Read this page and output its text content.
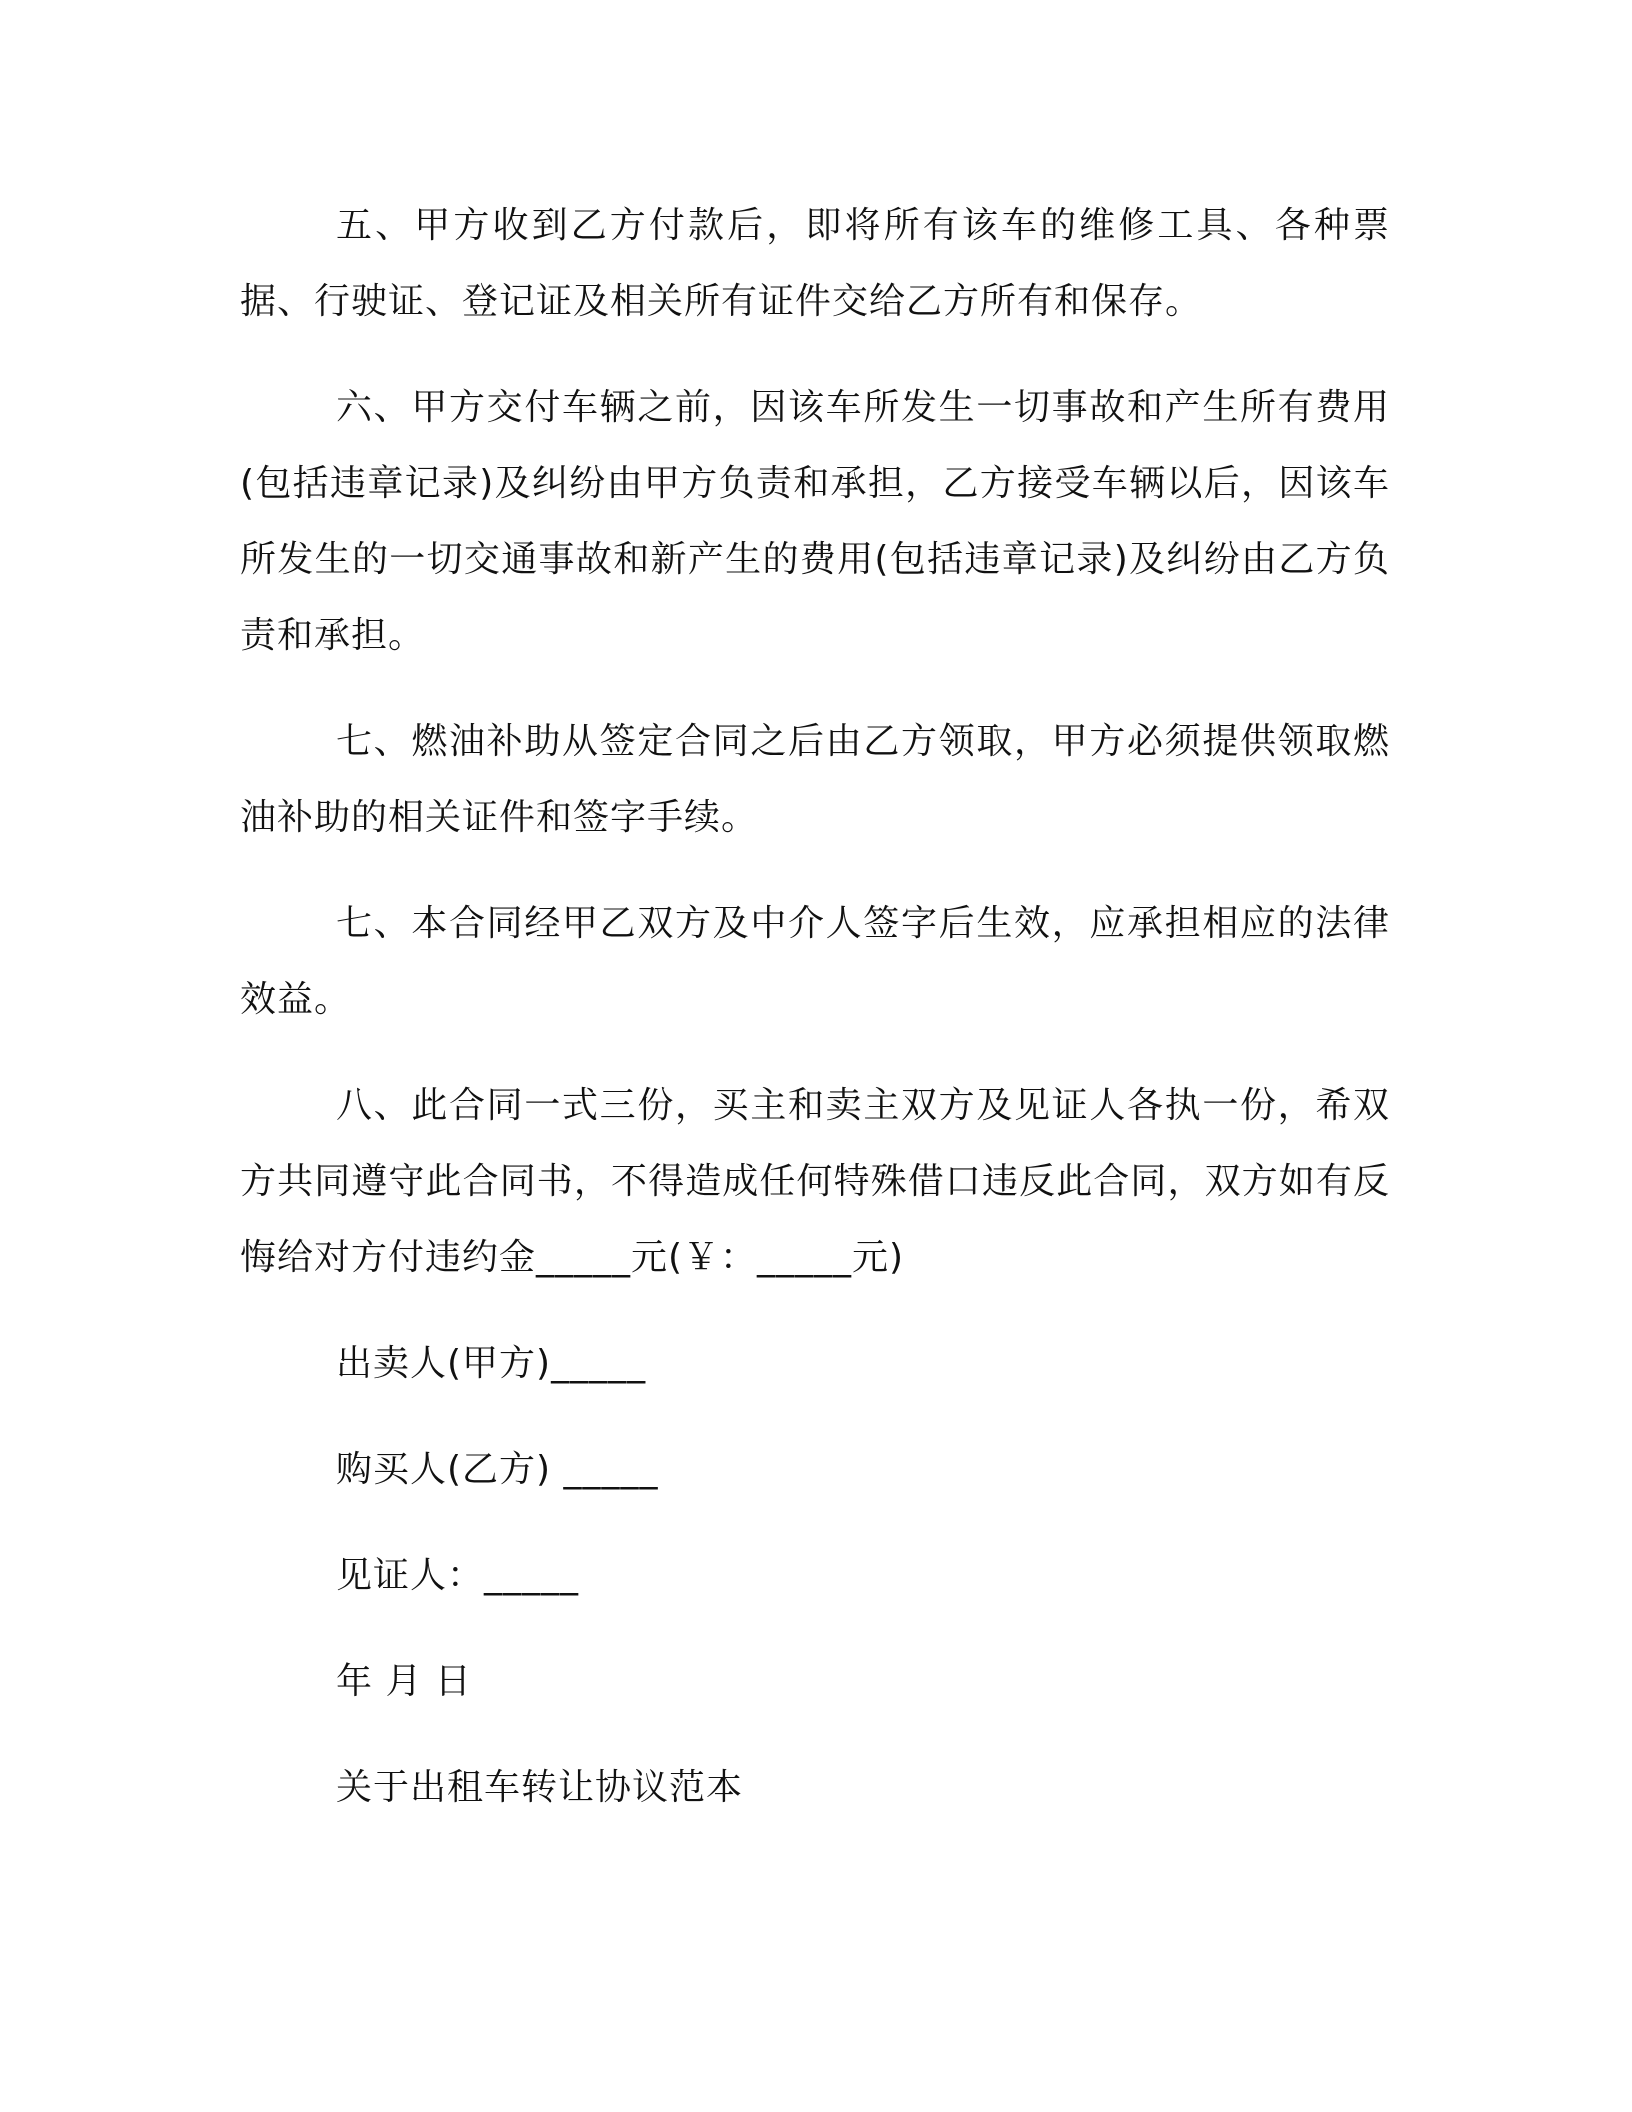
五、甲方收到乙方付款后，即将所有该车的维修工具、各种票据、行驶证、登记证及相关所有证件交给乙方所有和保存。

六、甲方交付车辆之前，因该车所发生一切事故和产生所有费用(包括违章记录)及纠纷由甲方负责和承担，乙方接受车辆以后，因该车所发生的一切交通事故和新产生的费用(包括违章记录)及纠纷由乙方负责和承担。

七、燃油补助从签定合同之后由乙方领取，甲方必须提供领取燃油补助的相关证件和签字手续。

七、本合同经甲乙双方及中介人签字后生效，应承担相应的法律效益。

八、此合同一式三份，买主和卖主双方及见证人各执一份，希双方共同遵守此合同书，不得造成任何特殊借口违反此合同，双方如有反悔给对方付违约金_____元(￥：_____元)

出卖人(甲方)_____
购买人(乙方) _____
见证人：_____
年 月 日
关于出租车转让协议范本
